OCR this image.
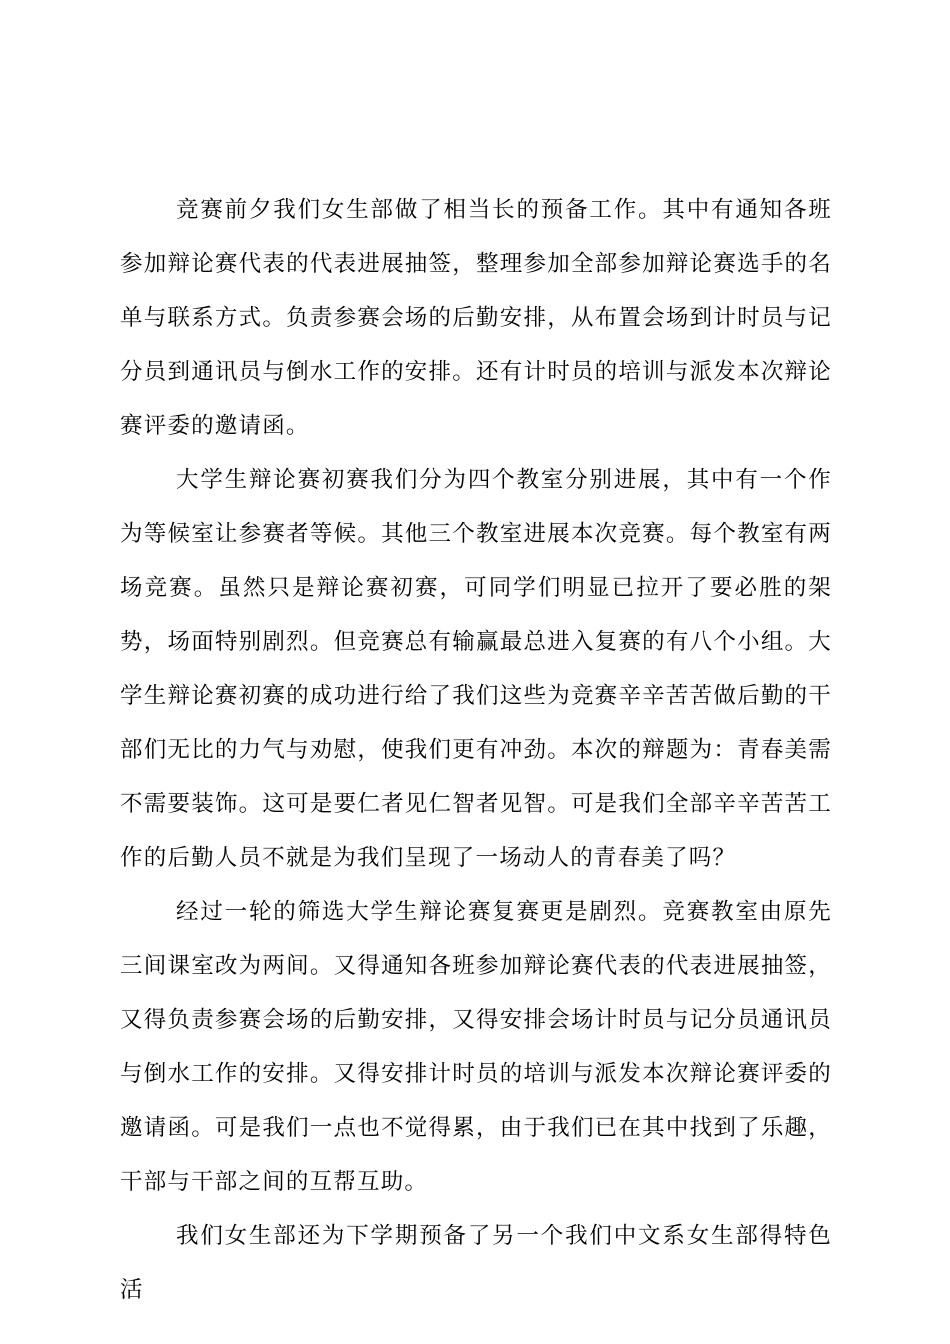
竞赛前夕我们女生部做了相当长的预备工作。其中有通知各班参加辩论赛代表的代表进展抽签，整理参加全部参加辩论赛选手的名单与联系方式。负责参赛会场的后勤安排，从布置会场到计时员与记分员到通讯员与倒水工作的安排。还有计时员的培训与派发本次辩论赛评委的邀请函。

大学生辩论赛初赛我们分为四个教室分别进展，其中有一个作为等候室让参赛者等候。其他三个教室进展本次竞赛。每个教室有两场竞赛。虽然只是辩论赛初赛，可同学们明显已拉开了要必胜的架势，场面特别剧烈。但竞赛总有输赢最总进入复赛的有八个小组。大学生辩论赛初赛的成功进行给了我们这些为竞赛辛辛苦苦做后勤的干部们无比的力气与劝慰，使我们更有冲劲。本次的辩题为：青春美需不需要装饰。这可是要仁者见仁智者见智。可是我们全部辛辛苦苦工作的后勤人员不就是为我们呈现了一场动人的青春美了吗？

经过一轮的筛选大学生辩论赛复赛更是剧烈。竞赛教室由原先三间课室改为两间。又得通知各班参加辩论赛代表的代表进展抽签，又得负责参赛会场的后勤安排，又得安排会场计时员与记分员通讯员与倒水工作的安排。又得安排计时员的培训与派发本次辩论赛评委的邀请函。可是我们一点也不觉得累，由于我们已在其中找到了乐趣，干部与干部之间的互帮互助。

我们女生部还为下学期预备了另一个我们中文系女生部得特色活
